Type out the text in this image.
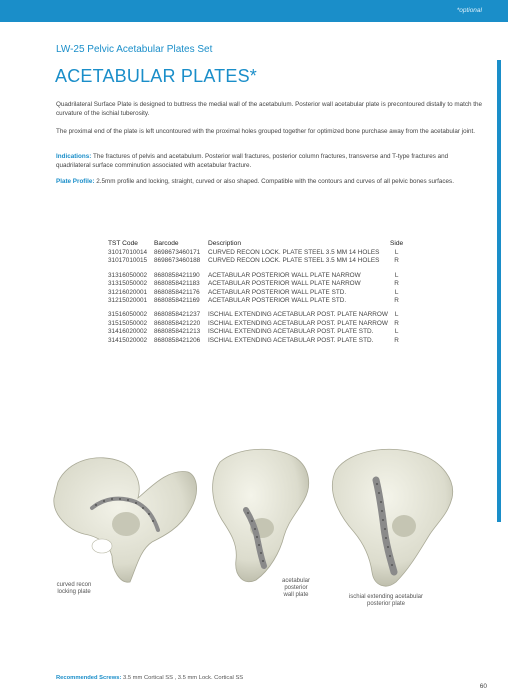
*optional
LW-25 Pelvic Acetabular Plates Set
ACETABULAR PLATES*

Quadrilateral Surface Plate is designed to buttress the medial wall of the acetabulum. Posterior wall acetabular plate is precontoured distally to match the curvature of the ischial tuberosity.

The proximal end of the plate is left uncontoured with the proximal holes grouped together for optimized bone purchase away from the acetabular joint.

Indications: The fractures of pelvis and acetabulum. Posterior wall fractures, posterior column fractures, transverse and T-type fractures and quadrilateral surface comminution associated with acetabular fracture.

Plate Profile: 2.5mm profile and locking, straight, curved or also shaped. Compatible with the contours and curves of all pelvic bones surfaces.

TST Code	Barcode	Description	Side
31017010014	8698673460171	CURVED RECON LOCK. PLATE STEEL 3.5 MM 14 HOLES	L
31017010015	8698673460188	CURVED RECON LOCK. PLATE STEEL 3.5 MM 14 HOLES	R

31316050002	8680858421190	ACETABULAR POSTERIOR WALL PLATE NARROW	L
31315050002	8680858421183	ACETABULAR POSTERIOR WALL PLATE NARROW	R
31216020001	8680858421176	ACETABULAR POSTERIOR WALL PLATE STD.	L
31215020001	8680858421169	ACETABULAR POSTERIOR WALL PLATE STD.	R

31516050002	8680858421237	ISCHIAL EXTENDING ACETABULAR POST. PLATE NARROW	L
31515050002	8680858421220	ISCHIAL EXTENDING ACETABULAR POST. PLATE NARROW	R
31416020002	8680858421213	ISCHIAL EXTENDING ACETABULAR POST. PLATE STD.	L
31415020002	8680858421206	ISCHIAL EXTENDING ACETABULAR POST. PLATE STD.	R
curved recon
locking plate
acetabular
posterior
wall plate	ischial extending acetabular
posterior plate
Recommended Screws: 3.5 mm Cortical SS , 3.5 mm Lock. Cortical SS
60
